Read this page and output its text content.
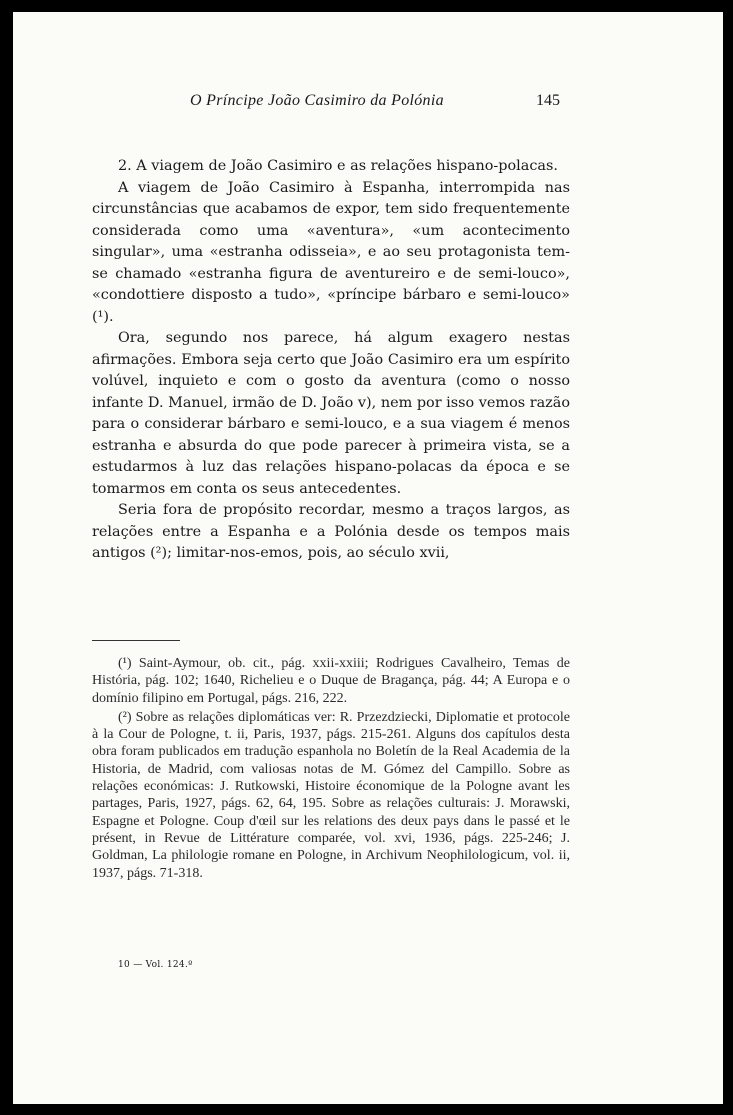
O Príncipe João Casimiro da Polónia	145

2. A viagem de João Casimiro e as relações hispano-polacas.

A viagem de João Casimiro à Espanha, interrompida nas circunstâncias que acabamos de expor, tem sido frequentemente considerada como uma «aventura», «um acontecimento singular», uma «estranha odisseia», e ao seu protagonista tem-se chamado «estranha figura de aventureiro e de semi-louco», «condottiere disposto a tudo», «príncipe bárbaro e semi-louco» (¹).

Ora, segundo nos parece, há algum exagero nestas afirmações. Embora seja certo que João Casimiro era um espírito volúvel, inquieto e com o gosto da aventura (como o nosso infante D. Manuel, irmão de D. João v), nem por isso vemos razão para o considerar bárbaro e semi-louco, e a sua viagem é menos estranha e absurda do que pode parecer à primeira vista, se a estudarmos à luz das relações hispano-polacas da época e se tomarmos em conta os seus antecedentes.

Seria fora de propósito recordar, mesmo a traços largos, as relações entre a Espanha e a Polónia desde os tempos mais antigos (²); limitar-nos-emos, pois, ao século xvii,

(¹) Saint-Aymour, ob. cit., pág. xxii-xxiii; Rodrigues Cavalheiro, Temas de História, pág. 102; 1640, Richelieu e o Duque de Bragança, pág. 44; A Europa e o domínio filipino em Portugal, págs. 216, 222.

(²) Sobre as relações diplomáticas ver: R. Przezdziecki, Diplomatie et protocole à la Cour de Pologne, t. ii, Paris, 1937, págs. 215-261. Alguns dos capítulos desta obra foram publicados em tradução espanhola no Boletín de la Real Academia de la Historia, de Madrid, com valiosas notas de M. Gómez del Campillo. Sobre as relações económicas: J. Rutkowski, Histoire économique de la Pologne avant les partages, Paris, 1927, págs. 62, 64, 195. Sobre as relações culturais: J. Morawski, Espagne et Pologne. Coup d'œil sur les relations des deux pays dans le passé et le présent, in Revue de Littérature comparée, vol. xvi, 1936, págs. 225-246; J. Goldman, La philologie romane en Pologne, in Archivum Neophilologicum, vol. ii, 1937, págs. 71-318.

10 — Vol. 124.º
